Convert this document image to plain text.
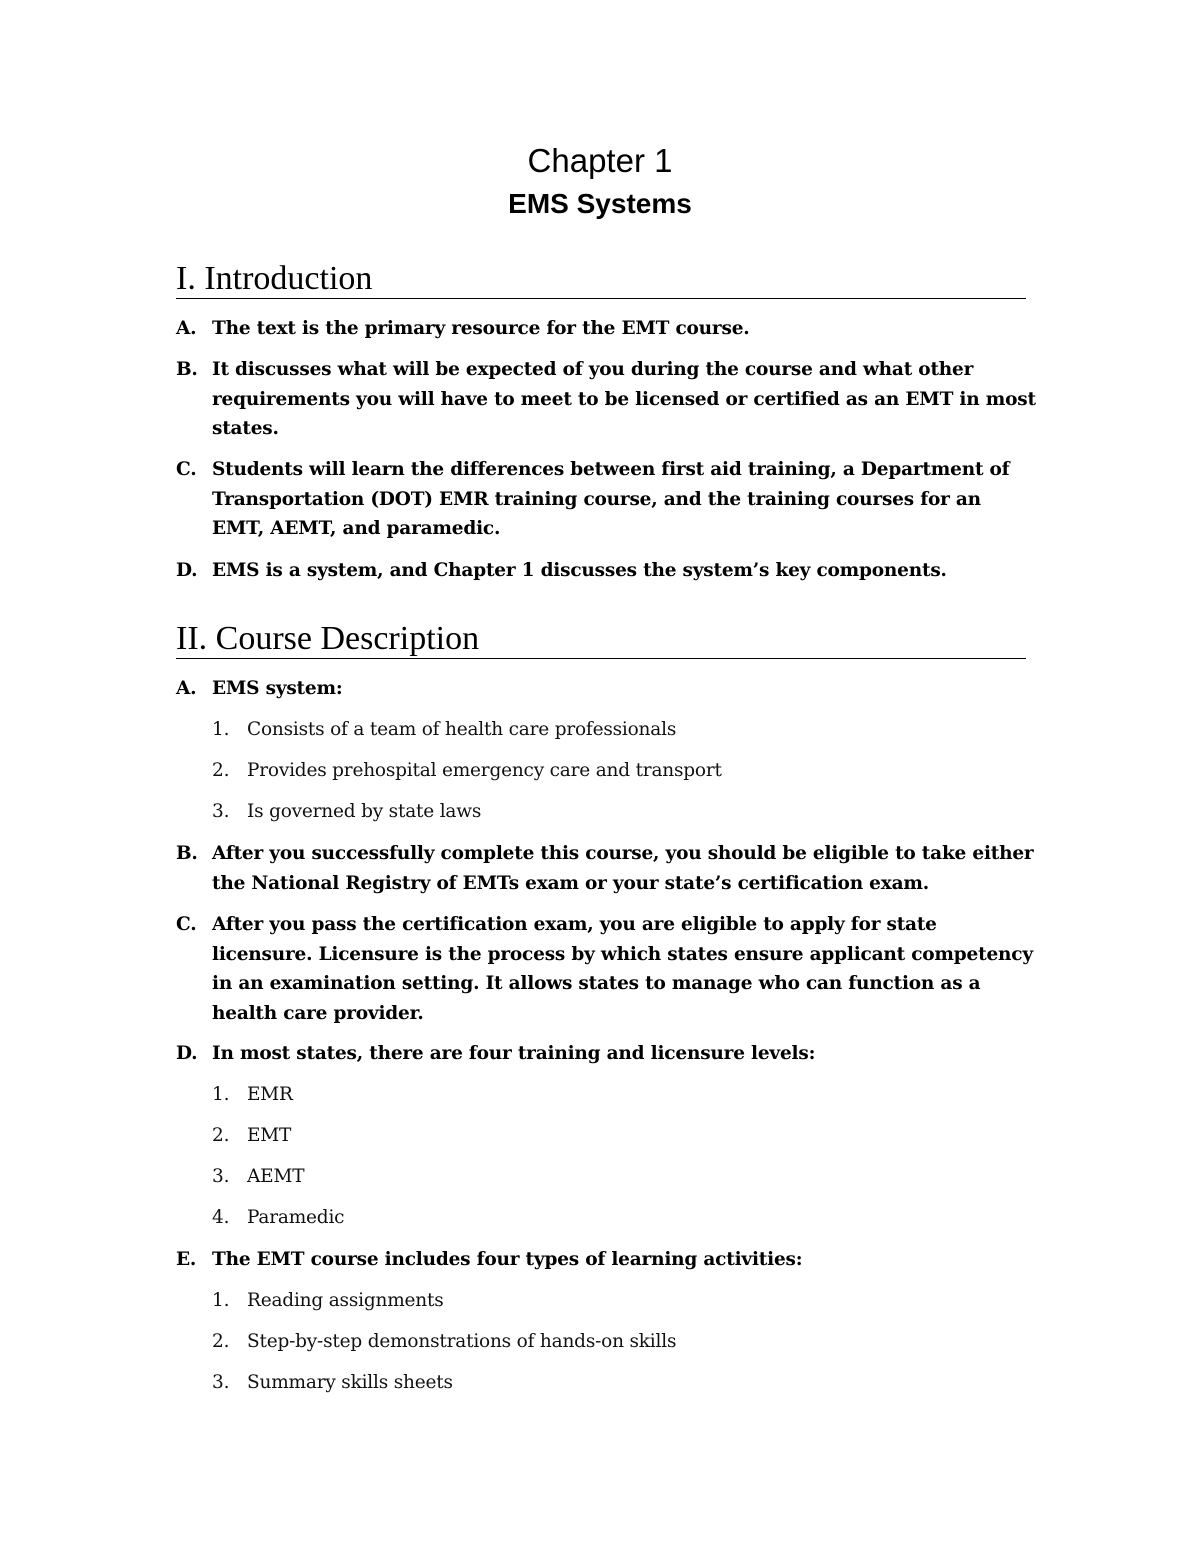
Chapter 1
EMS Systems
I. Introduction
A. The text is the primary resource for the EMT course.
B. It discusses what will be expected of you during the course and what other requirements you will have to meet to be licensed or certified as an EMT in most states.
C. Students will learn the differences between first aid training, a Department of Transportation (DOT) EMR training course, and the training courses for an EMT, AEMT, and paramedic.
D. EMS is a system, and Chapter 1 discusses the system’s key components.
II. Course Description
A. EMS system:
1. Consists of a team of health care professionals
2. Provides prehospital emergency care and transport
3. Is governed by state laws
B. After you successfully complete this course, you should be eligible to take either the National Registry of EMTs exam or your state’s certification exam.
C. After you pass the certification exam, you are eligible to apply for state licensure. Licensure is the process by which states ensure applicant competency in an examination setting. It allows states to manage who can function as a health care provider.
D. In most states, there are four training and licensure levels:
1. EMR
2. EMT
3. AEMT
4. Paramedic
E. The EMT course includes four types of learning activities:
1. Reading assignments
2. Step-by-step demonstrations of hands-on skills
3. Summary skills sheets
